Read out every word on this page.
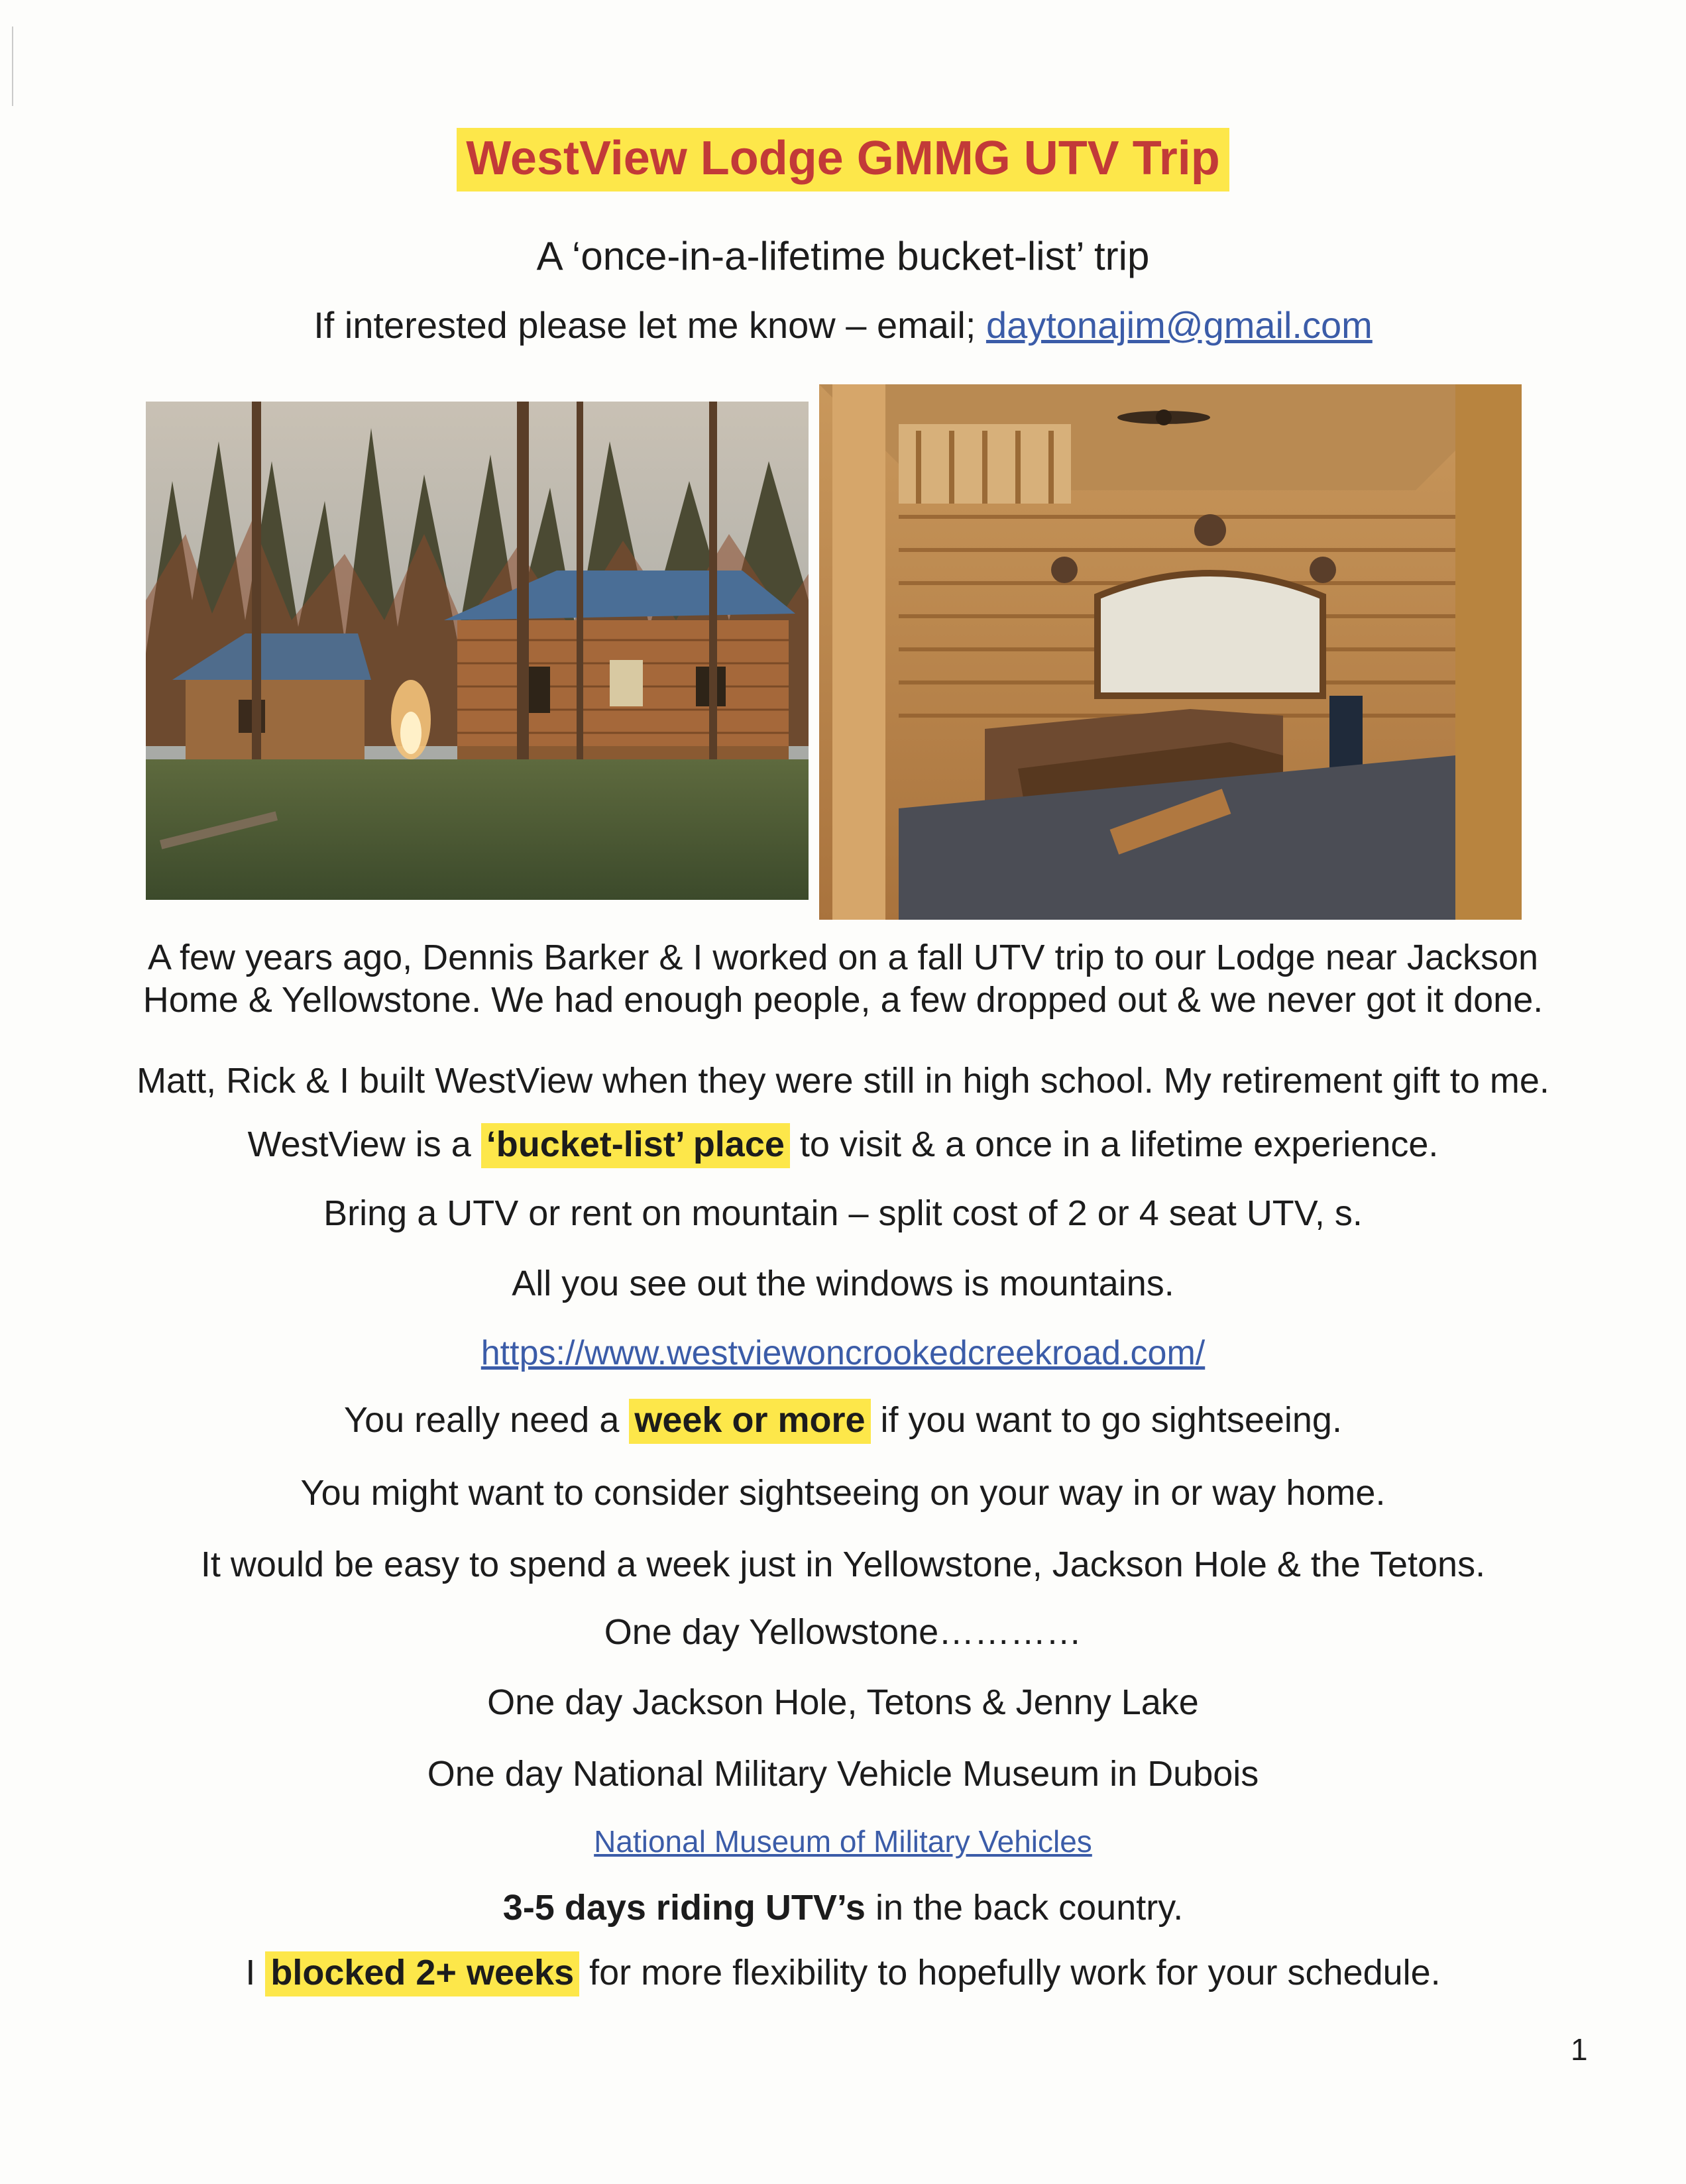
WestView Lodge GMMG UTV Trip
A ‘once-in-a-lifetime bucket-list’ trip
If interested please let me know – email; daytonajim@gmail.com
A few years ago, Dennis Barker & I worked on a fall UTV trip to our Lodge near Jackson
Home & Yellowstone. We had enough people, a few dropped out & we never got it done.
Matt, Rick & I built WestView when they were still in high school. My retirement gift to me.
WestView is a ‘bucket-list’ place to visit & a once in a lifetime experience.
Bring a UTV or rent on mountain – split cost of 2 or 4 seat UTV, s.
All you see out the windows is mountains.
https://www.westviewoncrookedcreekroad.com/
You really need a week or more if you want to go sightseeing.
You might want to consider sightseeing on your way in or way home.
It would be easy to spend a week just in Yellowstone, Jackson Hole & the Tetons.
One day Yellowstone…………
One day Jackson Hole, Tetons & Jenny Lake
One day National Military Vehicle Museum in Dubois
National Museum of Military Vehicles
3-5 days riding UTV’s in the back country.
I blocked 2+ weeks for more flexibility to hopefully work for your schedule.
1
